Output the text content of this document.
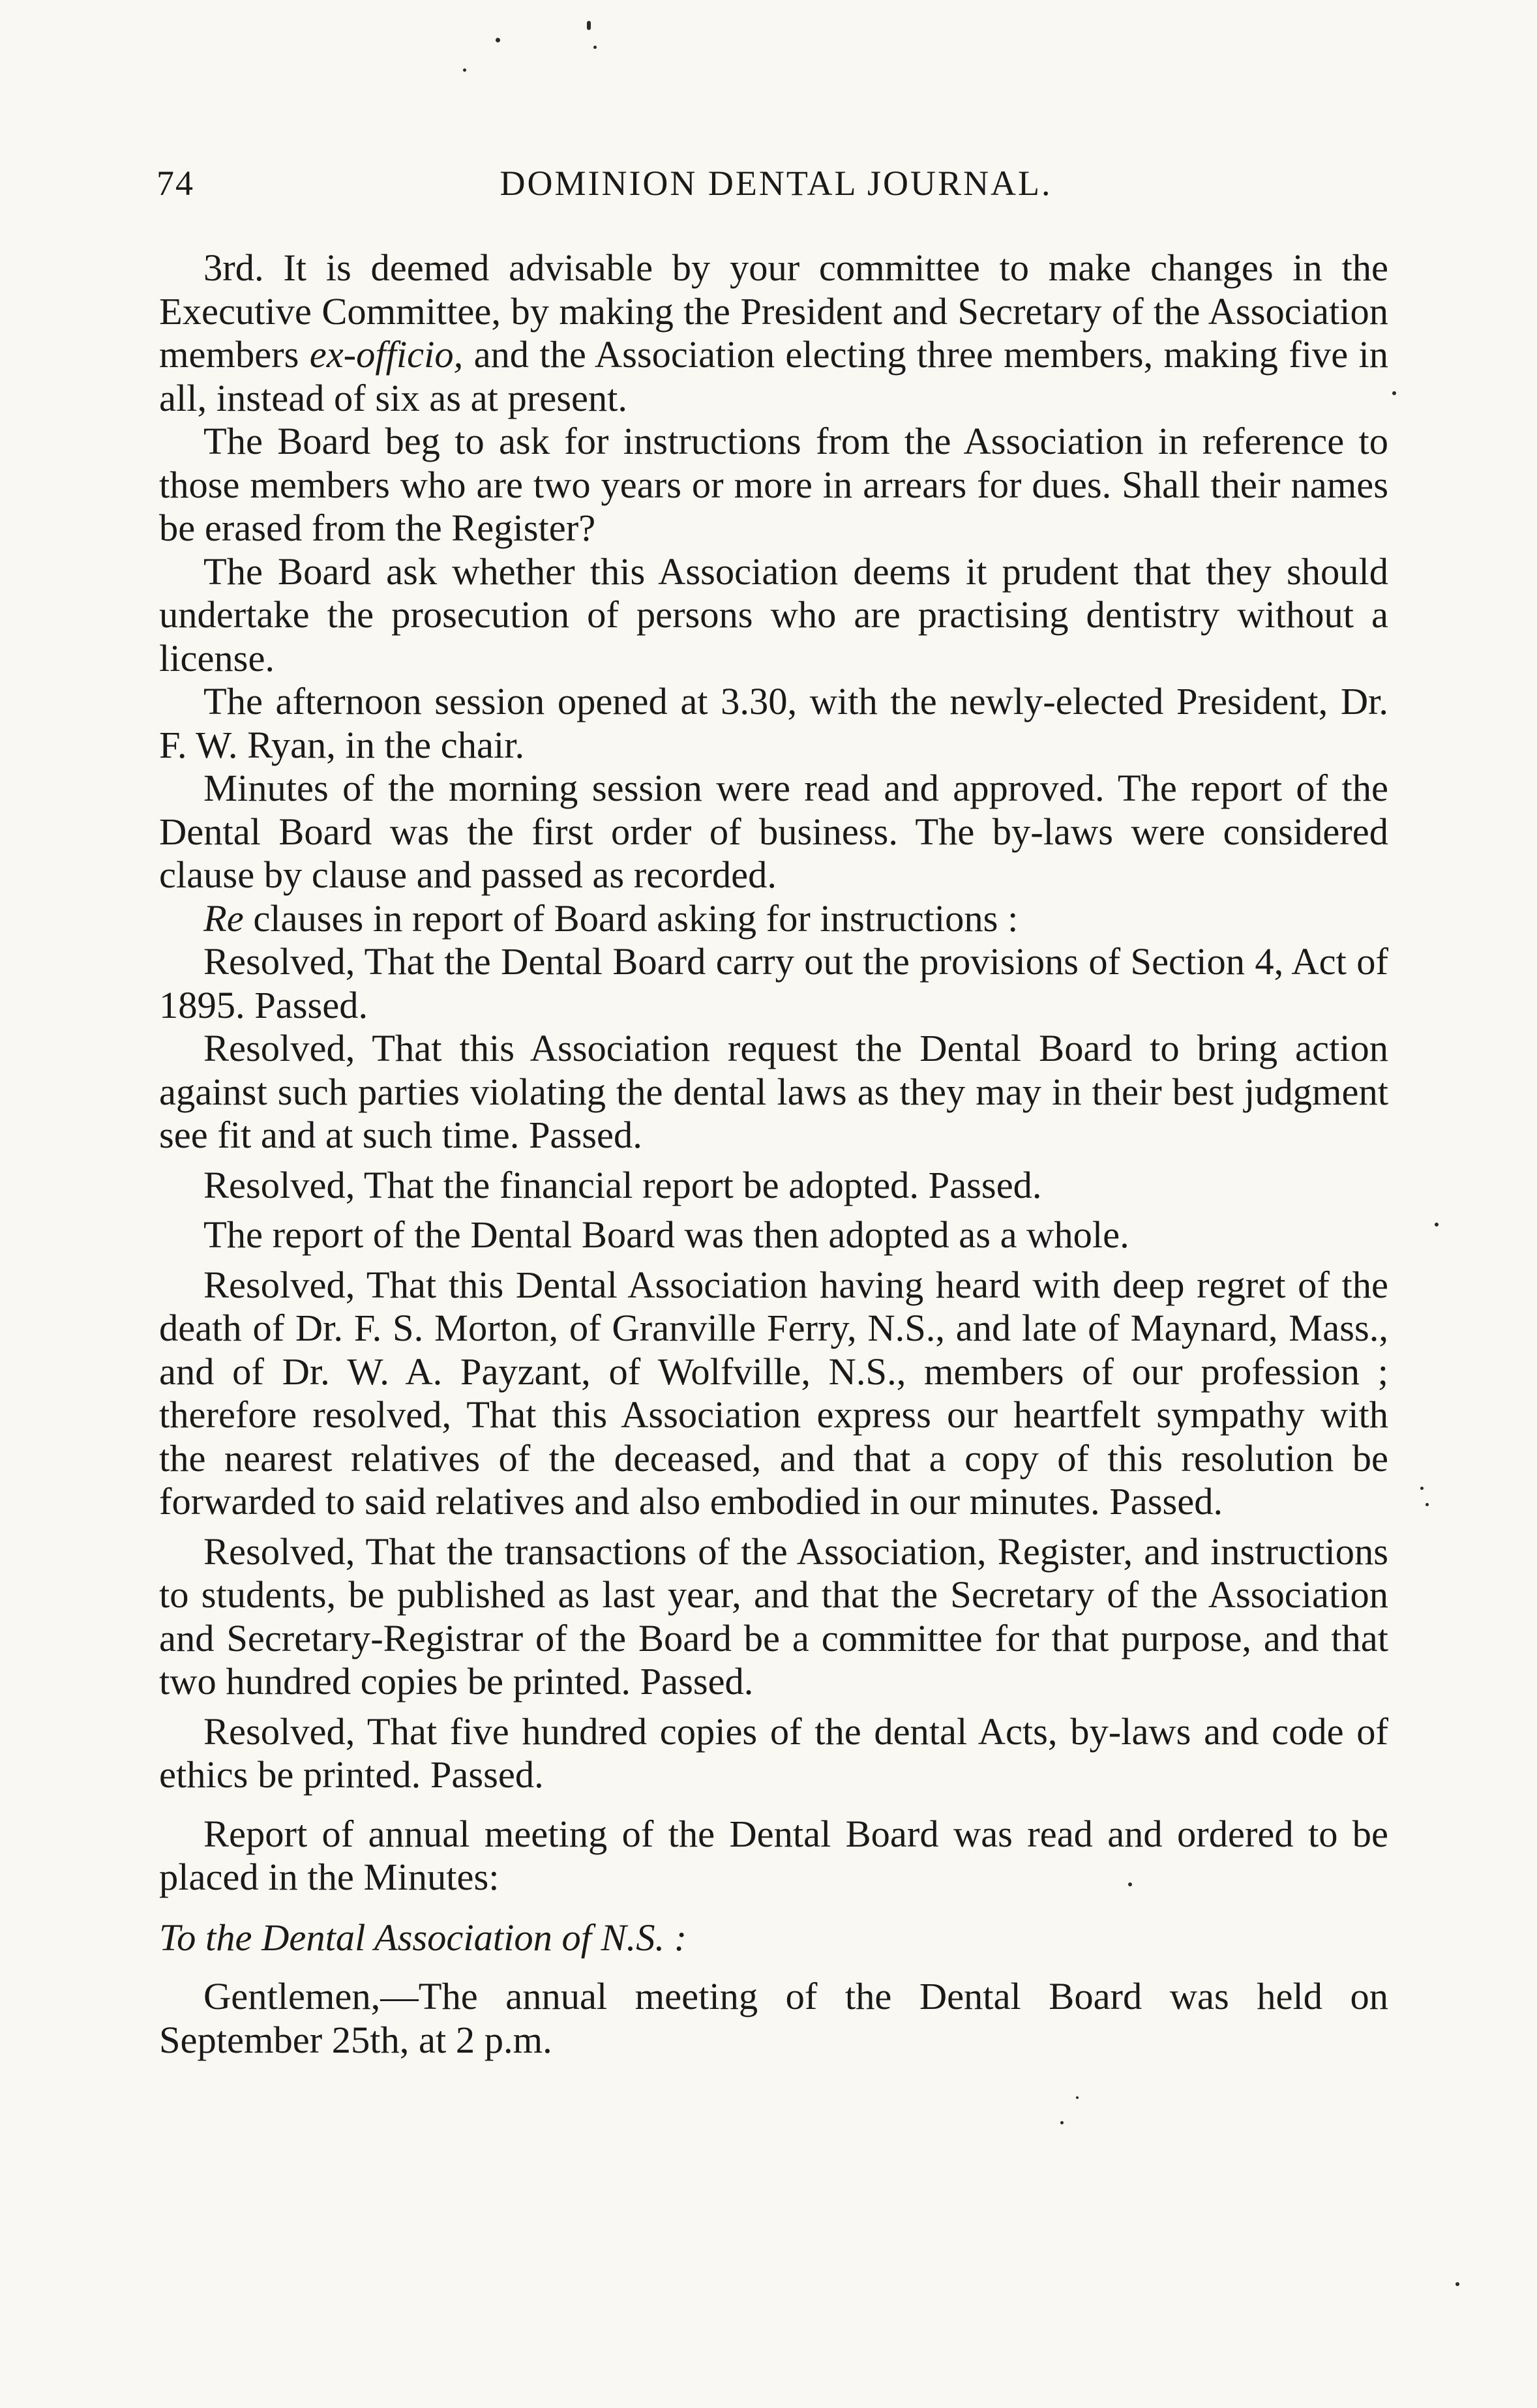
74	DOMINION DENTAL JOURNAL.

3rd. It is deemed advisable by your committee to make changes in the Executive Committee, by making the President and Secretary of the Association members ex-officio, and the Association electing three members, making five in all, instead of six as at present.

The Board beg to ask for instructions from the Association in reference to those members who are two years or more in arrears for dues. Shall their names be erased from the Register?

The Board ask whether this Association deems it prudent that they should undertake the prosecution of persons who are practising dentistry without a license.

The afternoon session opened at 3.30, with the newly-elected President, Dr. F. W. Ryan, in the chair.

Minutes of the morning session were read and approved. The report of the Dental Board was the first order of business. The by-laws were considered clause by clause and passed as recorded.

Re clauses in report of Board asking for instructions :

Resolved, That the Dental Board carry out the provisions of Section 4, Act of 1895. Passed.

Resolved, That this Association request the Dental Board to bring action against such parties violating the dental laws as they may in their best judgment see fit and at such time. Passed.

Resolved, That the financial report be adopted. Passed.

The report of the Dental Board was then adopted as a whole.

Resolved, That this Dental Association having heard with deep regret of the death of Dr. F. S. Morton, of Granville Ferry, N.S., and late of Maynard, Mass., and of Dr. W. A. Payzant, of Wolfville, N.S., members of our profession ; therefore resolved, That this Association express our heartfelt sympathy with the nearest relatives of the deceased, and that a copy of this resolution be forwarded to said relatives and also embodied in our minutes. Passed.

Resolved, That the transactions of the Association, Register, and instructions to students, be published as last year, and that the Secretary of the Association and Secretary-Registrar of the Board be a committee for that purpose, and that two hundred copies be printed. Passed.

Resolved, That five hundred copies of the dental Acts, by-laws and code of ethics be printed. Passed.

Report of annual meeting of the Dental Board was read and ordered to be placed in the Minutes:

To the Dental Association of N.S. :

Gentlemen,—The annual meeting of the Dental Board was held on September 25th, at 2 p.m.
